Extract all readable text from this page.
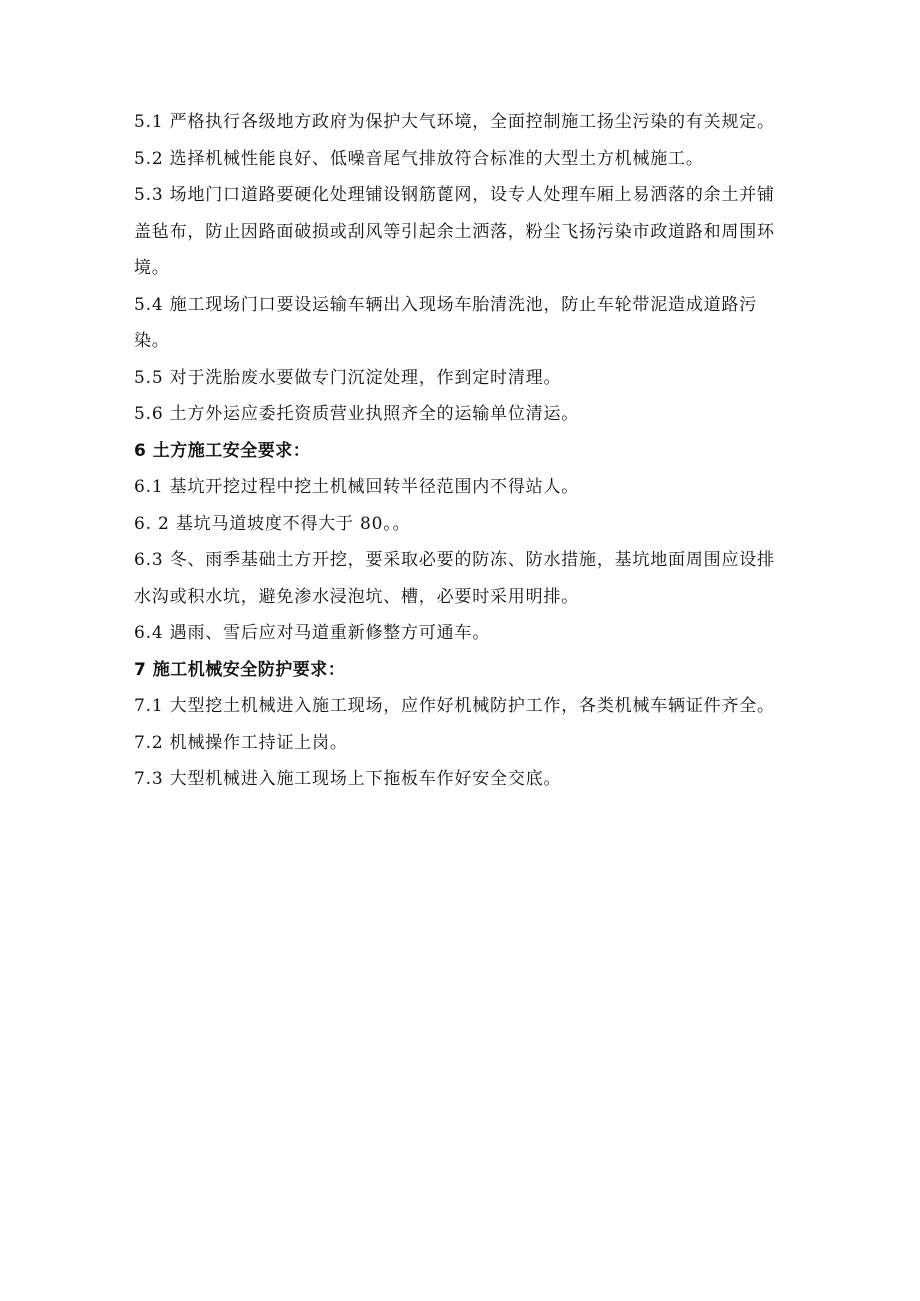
5.1 严格执行各级地方政府为保护大气环境，全面控制施工扬尘污染的有关规定。

5.2 选择机械性能良好、低噪音尾气排放符合标准的大型土方机械施工。

5.3 场地门口道路要硬化处理铺设钢筋蓖网，设专人处理车厢上易洒落的余土并铺盖毡布，防止因路面破损或刮风等引起余土洒落，粉尘飞扬污染市政道路和周围环境。

5.4 施工现场门口要设运输车辆出入现场车胎清洗池，防止车轮带泥造成道路污染。

5.5 对于洗胎废水要做专门沉淀处理，作到定时清理。

5.6 土方外运应委托资质营业执照齐全的运输单位清运。

6 土方施工安全要求：

6.1 基坑开挖过程中挖土机械回转半径范围内不得站人。

6. 2 基坑马道坡度不得大于 80。。

6.3 冬、雨季基础土方开挖，要采取必要的防冻、防水措施，基坑地面周围应设排水沟或积水坑，避免渗水浸泡坑、槽，必要时采用明排。

6.4 遇雨、雪后应对马道重新修整方可通车。

7 施工机械安全防护要求：

7.1 大型挖土机械进入施工现场，应作好机械防护工作，各类机械车辆证件齐全。

7.2 机械操作工持证上岗。

7.3 大型机械进入施工现场上下拖板车作好安全交底。
